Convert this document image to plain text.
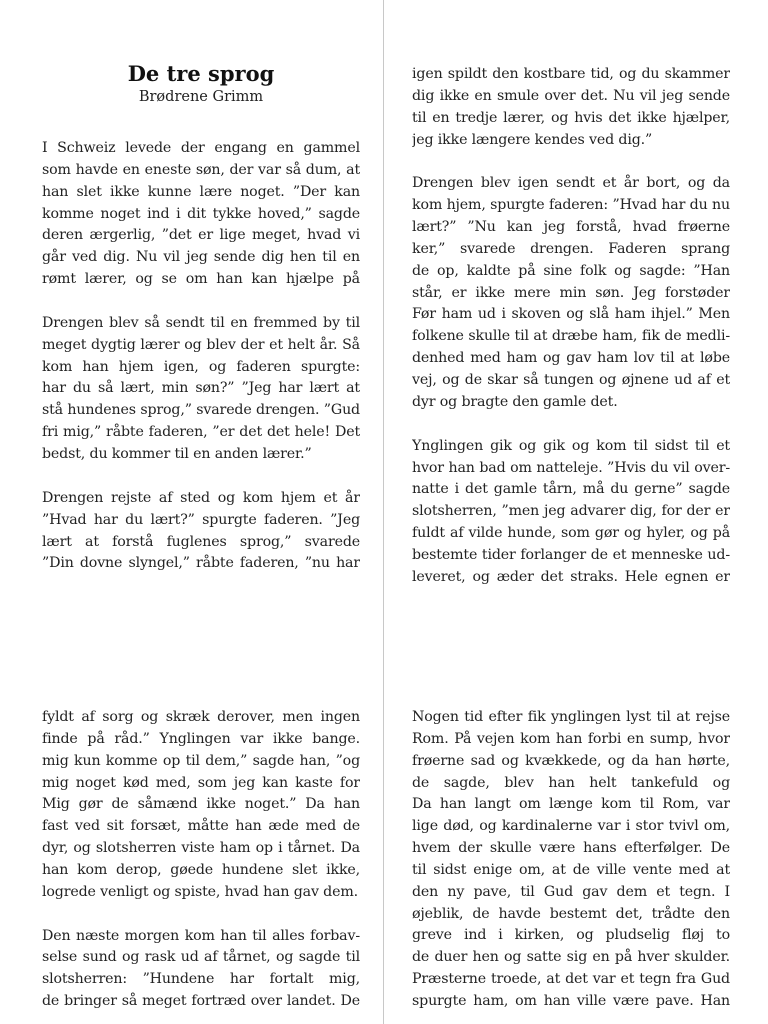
De tre sprog

Brødrene Grimm

I Schweiz levede der engang en gammel
som havde en eneste søn, der var så dum, at
han slet ikke kunne lære noget. ”Der kan
komme noget ind i dit tykke hoved,” sagde
deren ærgerlig, ”det er lige meget, hvad vi
går ved dig. Nu vil jeg sende dig hen til en
rømt lærer, og se om han kan hjælpe på
Drengen blev så sendt til en fremmed by til
meget dygtig lærer og blev der et helt år. Så
kom han hjem igen, og faderen spurgte:
har du så lært, min søn?” ”Jeg har lært at
stå hundenes sprog,” svarede drengen. ”Gud
fri mig,” råbte faderen, ”er det det hele! Det
bedst, du kommer til en anden lærer.”
Drengen rejste af sted og kom hjem et år
”Hvad har du lært?” spurgte faderen. ”Jeg
lært at forstå fuglenes sprog,” svarede
”Din dovne slyngel,” råbte faderen, ”nu har
igen spildt den kostbare tid, og du skammer
dig ikke en smule over det. Nu vil jeg sende
til en tredje lærer, og hvis det ikke hjælper,
jeg ikke længere kendes ved dig.”
Drengen blev igen sendt et år bort, og da
kom hjem, spurgte faderen: ”Hvad har du nu
lært?” ”Nu kan jeg forstå, hvad frøerne
ker,” svarede drengen. Faderen sprang
de op, kaldte på sine folk og sagde: ”Han
står, er ikke mere min søn. Jeg forstøder
Før ham ud i skoven og slå ham ihjel.” Men
folkene skulle til at dræbe ham, fik de medli-
denhed med ham og gav ham lov til at løbe
vej, og de skar så tungen og øjnene ud af et
dyr og bragte den gamle det.
Ynglingen gik og gik og kom til sidst til et
hvor han bad om natteleje. ”Hvis du vil over-
natte i det gamle tårn, må du gerne” sagde
slotsherren, ”men jeg advarer dig, for der er
fuldt af vilde hunde, som gør og hyler, og på
bestemte tider forlanger de et menneske ud-
leveret, og æder det straks. Hele egnen er
fyldt af sorg og skræk derover, men ingen
finde på råd.” Ynglingen var ikke bange.
mig kun komme op til dem,” sagde han, ”og
mig noget kød med, som jeg kan kaste for
Mig gør de såmænd ikke noget.” Da han
fast ved sit forsæt, måtte han æde med de
dyr, og slotsherren viste ham op i tårnet. Da
han kom derop, gøede hundene slet ikke,
logrede venligt og spiste, hvad han gav dem.
Den næste morgen kom han til alles forbav-
selse sund og rask ud af tårnet, og sagde til
slotsherren: ”Hundene har fortalt mig,
de bringer så meget fortræd over landet. De
Nogen tid efter fik ynglingen lyst til at rejse
Rom. På vejen kom han forbi en sump, hvor
frøerne sad og kvækkede, og da han hørte,
de sagde, blev han helt tankefuld og
Da han langt om længe kom til Rom, var
lige død, og kardinalerne var i stor tvivl om,
hvem der skulle være hans efterfølger. De
til sidst enige om, at de ville vente med at
den ny pave, til Gud gav dem et tegn. I
øjeblik, de havde bestemt det, trådte den
greve ind i kirken, og pludselig fløj to
de duer hen og satte sig en på hver skulder.
Præsterne troede, at det var et tegn fra Gud
spurgte ham, om han ville være pave. Han
